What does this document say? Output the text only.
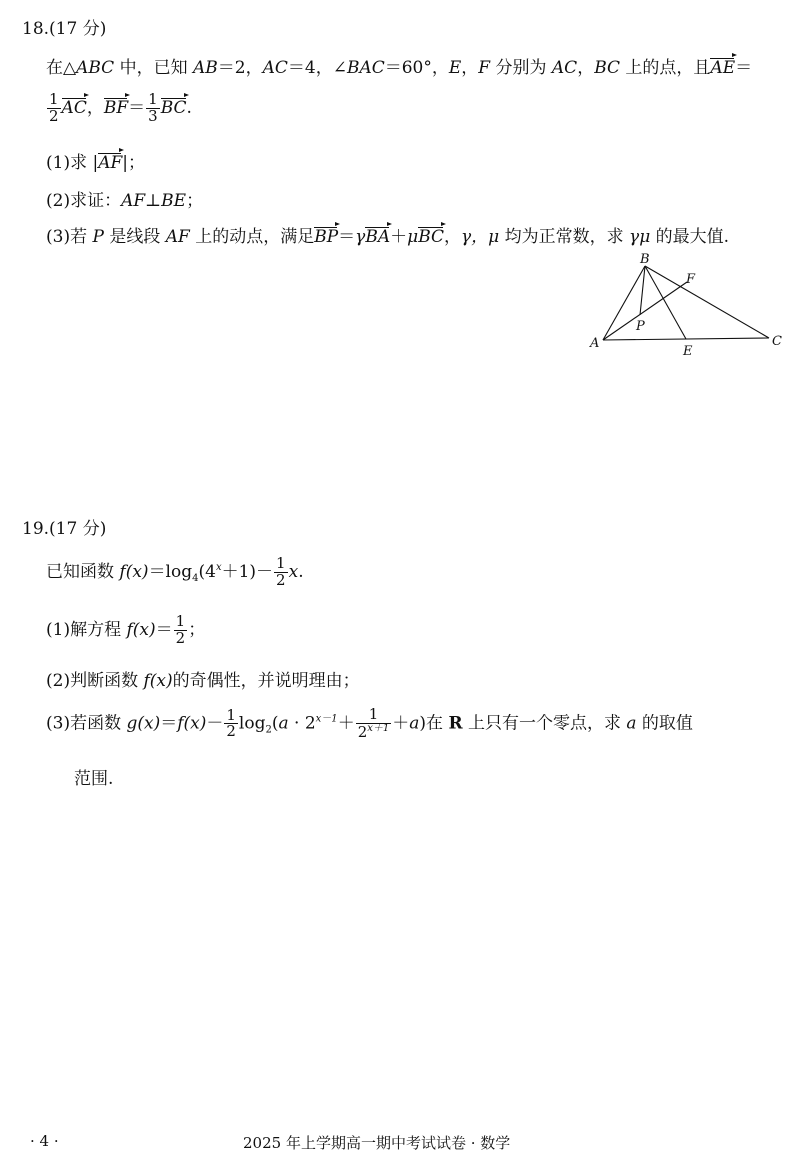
18.(17 分)
在△ABC 中，已知 AB＝2，AC＝4，∠BAC＝60°，E，F 分别为 AC，BC 上的点，且AE＝
$\frac{1}{2}$ AC，$BF= \frac{1}{3}$ BC.
(1)求 |AF|；
(2)求证：AF⊥BE；
(3)若 P 是线段 AF 上的动点，满足BP＝γBA＋μBC，γ，μ 均为正常数，求 γμ 的最大值.
B
F
P
A
E
C
19.(17 分)
已知函数 $f(x)=\log_4(4^x+1)- \frac{1}{2} x$.
(1)解方程 $f(x)= \frac{1}{2}$ ；
(2)判断函数 f(x)的奇偶性，并说明理由；
(3)若函数 $g(x)=f(x)- \frac{1}{2} \log_2(a \cdot 2^{x-1}+ \frac{1}{2^{x+1}} +a)$在 R 上只有一个零点，求 a 的取值
范围.
· 4 ·	2025 年上学期高一期中考试试卷 · 数学
